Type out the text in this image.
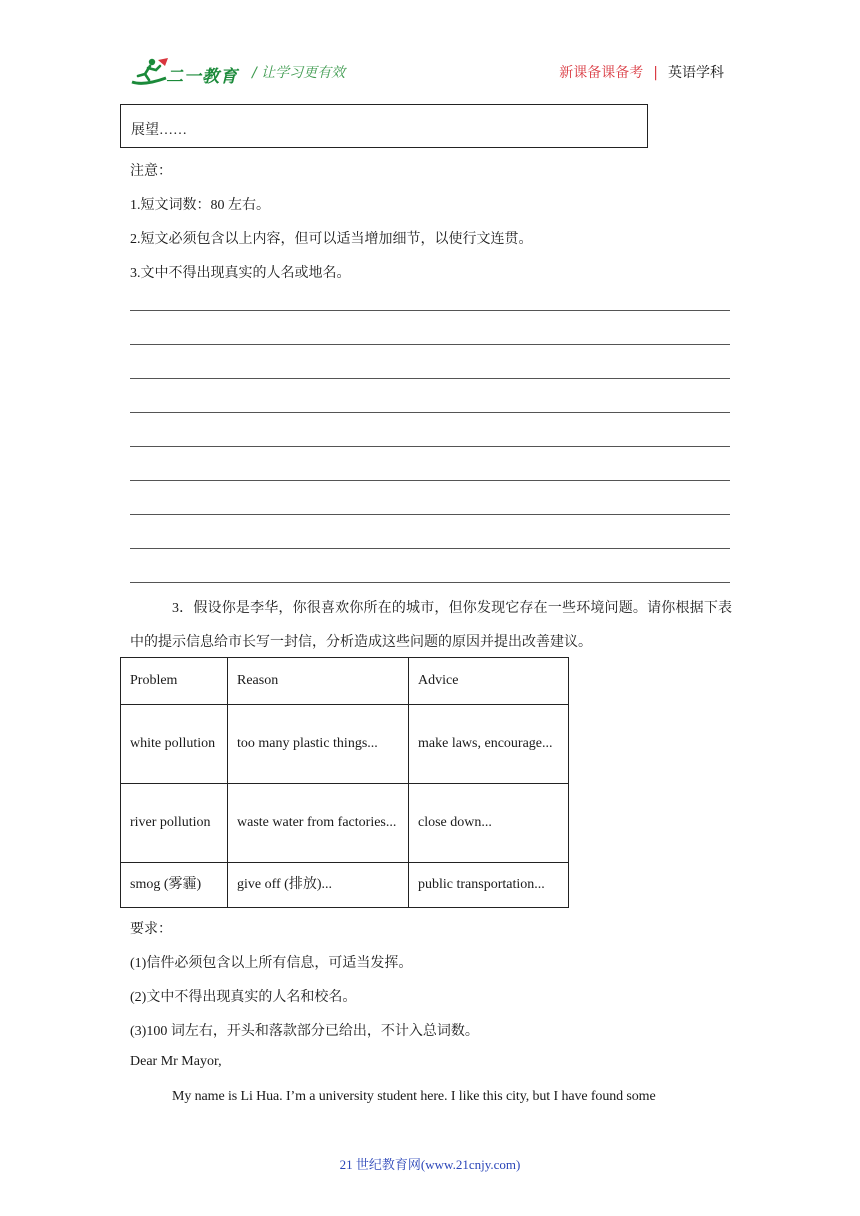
二一教育 / 让学习更有效	新课备课备考 | 英语学科
展望……
注意：
1.短文词数：80 左右。
2.短文必须包含以上内容，但可以适当增加细节，以使行文连贯。
3.文中不得出现真实的人名或地名。
3．假设你是李华，你很喜欢你所在的城市，但你发现它存在一些环境问题。请你根据下表中的提示信息给市长写一封信，分析造成这些问题的原因并提出改善建议。
Problem	Reason	Advice
white pollution	too many plastic things...	make laws, encourage...
river pollution	waste water from factories...	close down...
smog (雾霾)	give off (排放)...	public transportation...
要求：
(1)信件必须包含以上所有信息，可适当发挥。
(2)文中不得出现真实的人名和校名。
(3)100 词左右，开头和落款部分已给出，不计入总词数。
Dear Mr Mayor,
My name is Li Hua. I’m a university student here. I like this city, but I have found some
21 世纪教育网(www.21cnjy.com)
